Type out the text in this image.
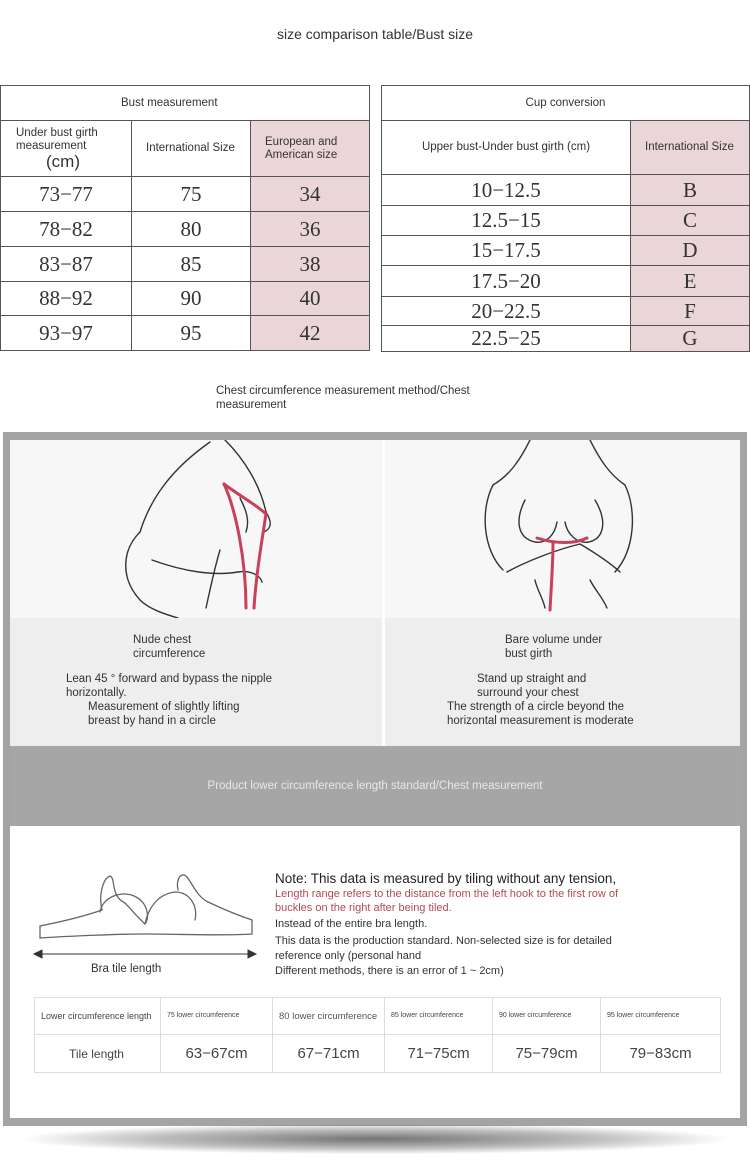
size comparison table/Bust size
Bust measurement		

Under bust girth measurement
(cm)	International Size	European and American size
73−77	75	34
78−82	80	36
83−87	85	38
88−92	90	40
93−97	95	42
Cup conversion	
Upper bust-Under bust girth (cm)	International Size
10−12.5	B
12.5−15	C
15−17.5	D
17.5−20	E
20−22.5	F
22.5−25	G
Chest circumference measurement method/Chest measurement
Nude chest
circumference
Lean 45 ° forward and bypass the nipple
horizontally.
Measurement of slightly lifting
breast by hand in a circle
Bare volume under
bust girth
Stand up straight and
surround your chest
The strength of a circle beyond the
horizontal measurement is moderate
Product lower circumference length standard/Chest measurement
Bra tile length
Note: This data is measured by tiling without any tension,
Length range refers to the distance from the left hook to the first row of
buckles on the right after being tiled.
Instead of the entire bra length.
This data is the production standard. Non-selected size is for detailed
reference only (personal hand
Different methods, there is an error of 1 ~ 2cm)
Lower circumference length	75 lower circumference	80 lower circumference	85 lower circumference	90 lower circumference	95 lower circumference
Tile length	63−67cm	67−71cm	71−75cm	75−79cm	79−83cm
